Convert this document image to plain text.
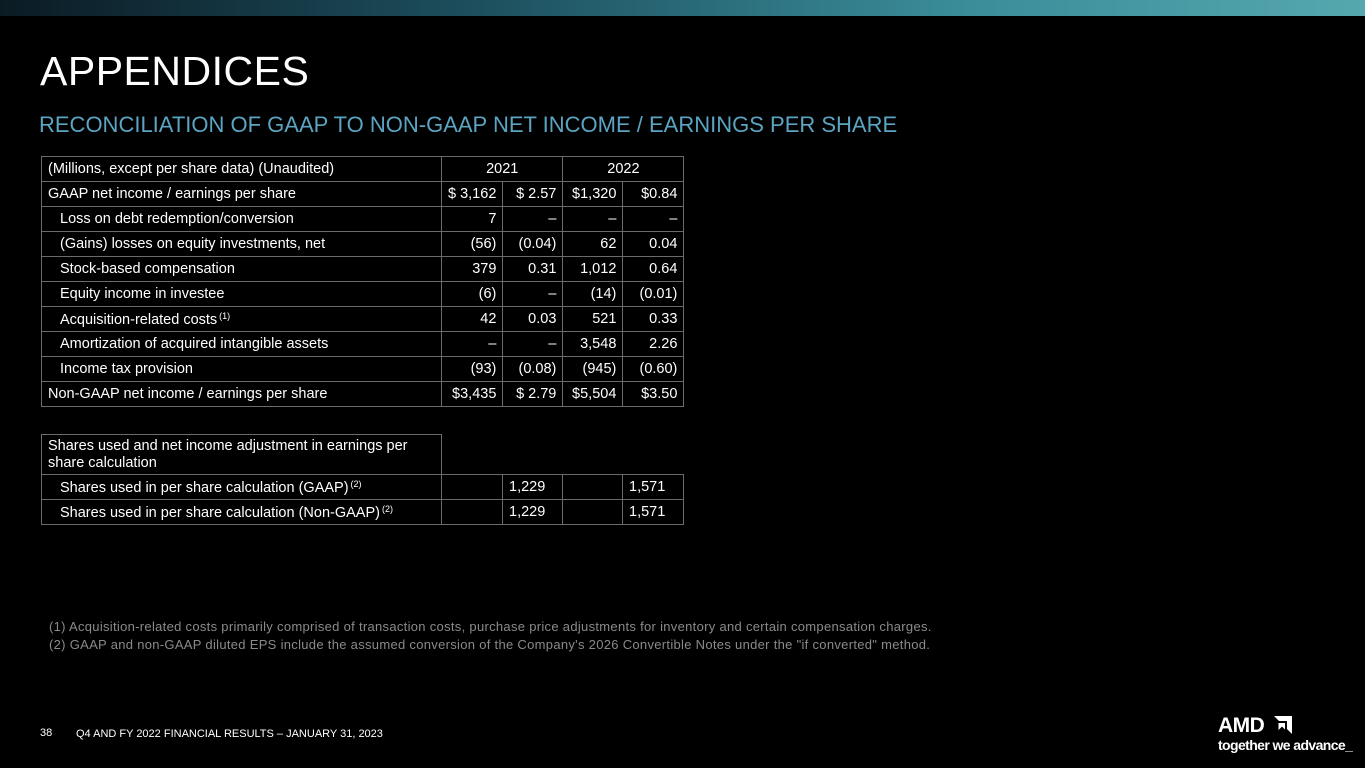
APPENDICES
RECONCILIATION OF GAAP TO NON-GAAP NET INCOME / EARNINGS PER SHARE
(Millions, except per share data) (Unaudited)	2021		2022	
GAAP net income / earnings per share	$ 3,162	$ 2.57	$1,320	$0.84
Loss on debt redemption/conversion	7	–	–	–
(Gains) losses on equity investments, net	(56)	(0.04)	62	0.04
Stock-based compensation	379	0.31	1,012	0.64
Equity income in investee	(6)	–	(14)	(0.01)
Acquisition-related costs $^{(1)}$	42	0.03	521	0.33
Amortization of acquired intangible assets	–	–	3,548	2.26
Income tax provision	(93)	(0.08)	(945)	(0.60)
Non-GAAP net income / earnings per share	$3,435	$ 2.79	$5,504	$3.50
Shares used and net income adjustment in earnings per share calculation				
Shares used in per share calculation (GAAP) $^{(2)}$		1,229		1,571
Shares used in per share calculation (Non-GAAP) $^{(2)}$		1,229		1,571
(1) Acquisition-related costs primarily comprised of transaction costs, purchase price adjustments for inventory and certain compensation charges.
(2) GAAP and non-GAAP diluted EPS include the assumed conversion of the Company's 2026 Convertible Notes under the "if converted" method.
38 Q4 AND FY 2022 FINANCIAL RESULTS – JANUARY 31, 2023	AMD
together we advance_
